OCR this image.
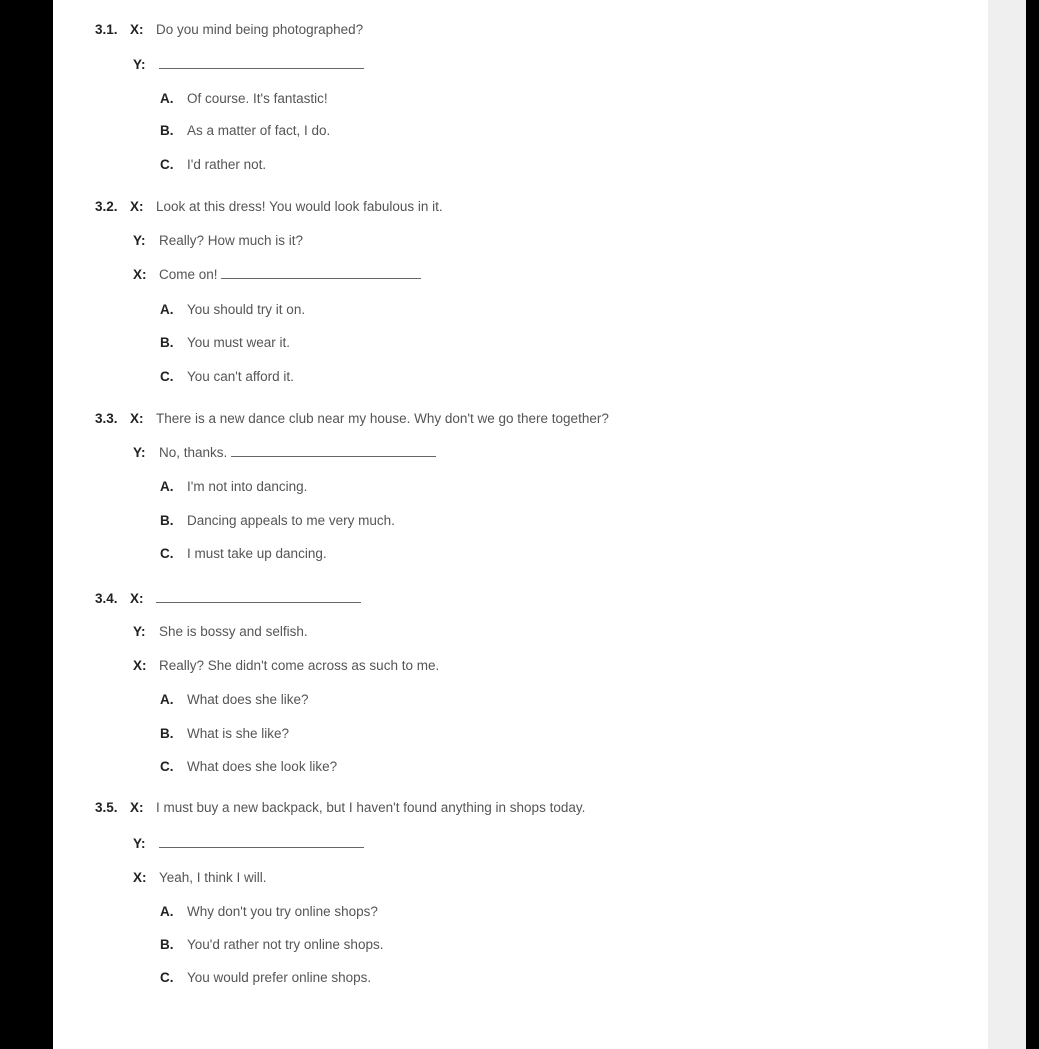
3.1. X: Do you mind being photographed?
Y:
A. Of course. It's fantastic!
B. As a matter of fact, I do.
C. I'd rather not.
3.2. X: Look at this dress! You would look fabulous in it.
Y: Really? How much is it?
X: Come on!
A. You should try it on.
B. You must wear it.
C. You can't afford it.
3.3. X: There is a new dance club near my house. Why don't we go there together?
Y: No, thanks.
A. I'm not into dancing.
B. Dancing appeals to me very much.
C. I must take up dancing.
3.4. X:
Y: She is bossy and selfish.
X: Really? She didn't come across as such to me.
A. What does she like?
B. What is she like?
C. What does she look like?
3.5. X: I must buy a new backpack, but I haven't found anything in shops today.
Y:
X: Yeah, I think I will.
A. Why don't you try online shops?
B. You'd rather not try online shops.
C. You would prefer online shops.
